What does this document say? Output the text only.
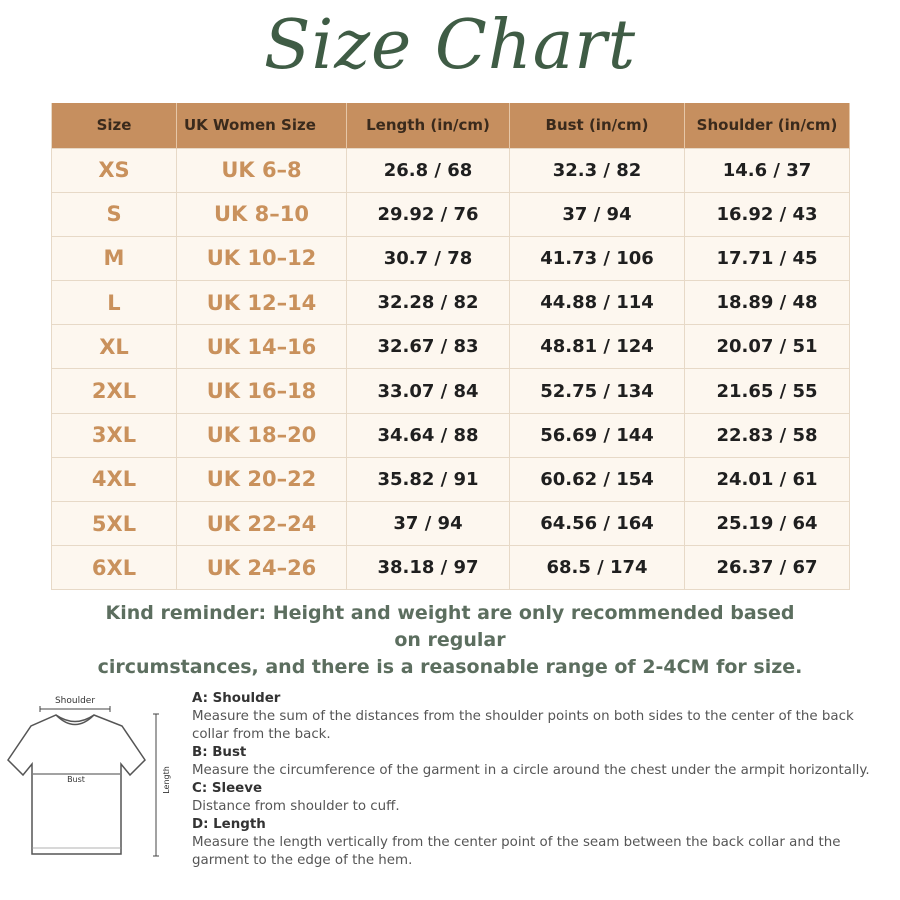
Size Chart
Size	UK Women Size	Length (in/cm)	Bust (in/cm)	Shoulder (in/cm)
XS	UK 6–8	26.8 / 68	32.3 / 82	14.6 / 37
S	UK 8–10	29.92 / 76	37 / 94	16.92 / 43
M	UK 10–12	30.7 / 78	41.73 / 106	17.71 / 45
L	UK 12–14	32.28 / 82	44.88 / 114	18.89 / 48
XL	UK 14–16	32.67 / 83	48.81 / 124	20.07 / 51
2XL	UK 16–18	33.07 / 84	52.75 / 134	21.65 / 55
3XL	UK 18–20	34.64 / 88	56.69 / 144	22.83 / 58
4XL	UK 20–22	35.82 / 91	60.62 / 154	24.01 / 61
5XL	UK 22–24	37 / 94	64.56 / 164	25.19 / 64
6XL	UK 24–26	38.18 / 97	68.5 / 174	26.37 / 67
Kind reminder: Height and weight are only recommended based on regular
circumstances, and there is a reasonable range of 2-4CM for size.
Shoulder
Bust	Length
A: Shoulder
Measure the sum of the distances from the shoulder points on both sides to the center of the back collar from the back.
B: Bust
Measure the circumference of the garment in a circle around the chest under the armpit horizontally.
C: Sleeve
Distance from shoulder to cuff.
D: Length
Measure the length vertically from the center point of the seam between the back collar and the garment to the edge of the hem.
